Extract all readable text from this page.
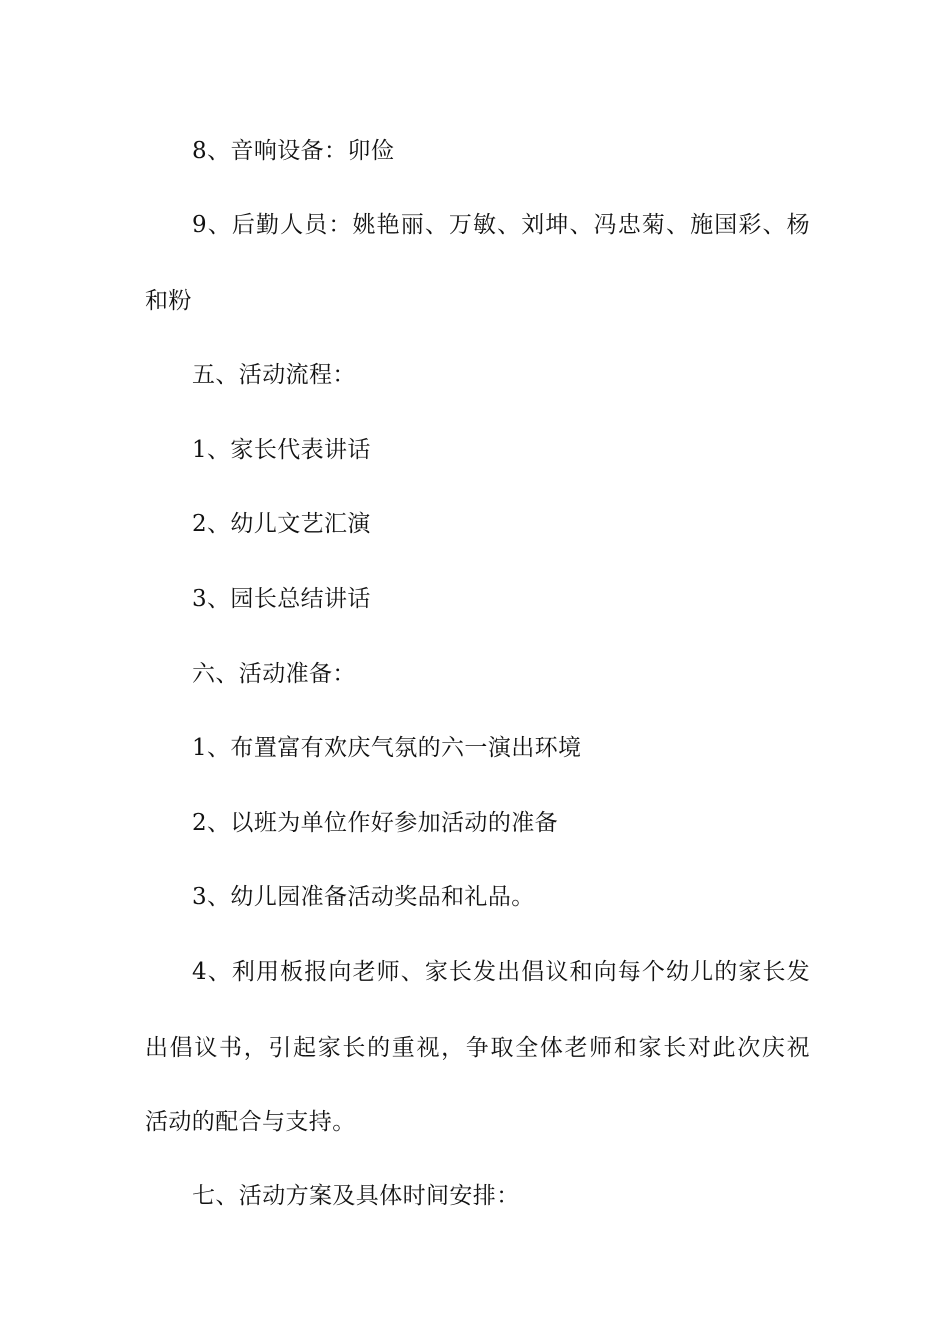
8、音响设备：卯俭
9、后勤人员：姚艳丽、万敏、刘坤、冯忠菊、施国彩、杨
和粉
五、活动流程：
1、家长代表讲话
2、幼儿文艺汇演
3、园长总结讲话
六、活动准备：
1、布置富有欢庆气氛的六一演出环境
2、以班为单位作好参加活动的准备
3、幼儿园准备活动奖品和礼品。
4、利用板报向老师、家长发出倡议和向每个幼儿的家长发
出倡议书，引起家长的重视，争取全体老师和家长对此次庆祝
活动的配合与支持。
七、活动方案及具体时间安排：
